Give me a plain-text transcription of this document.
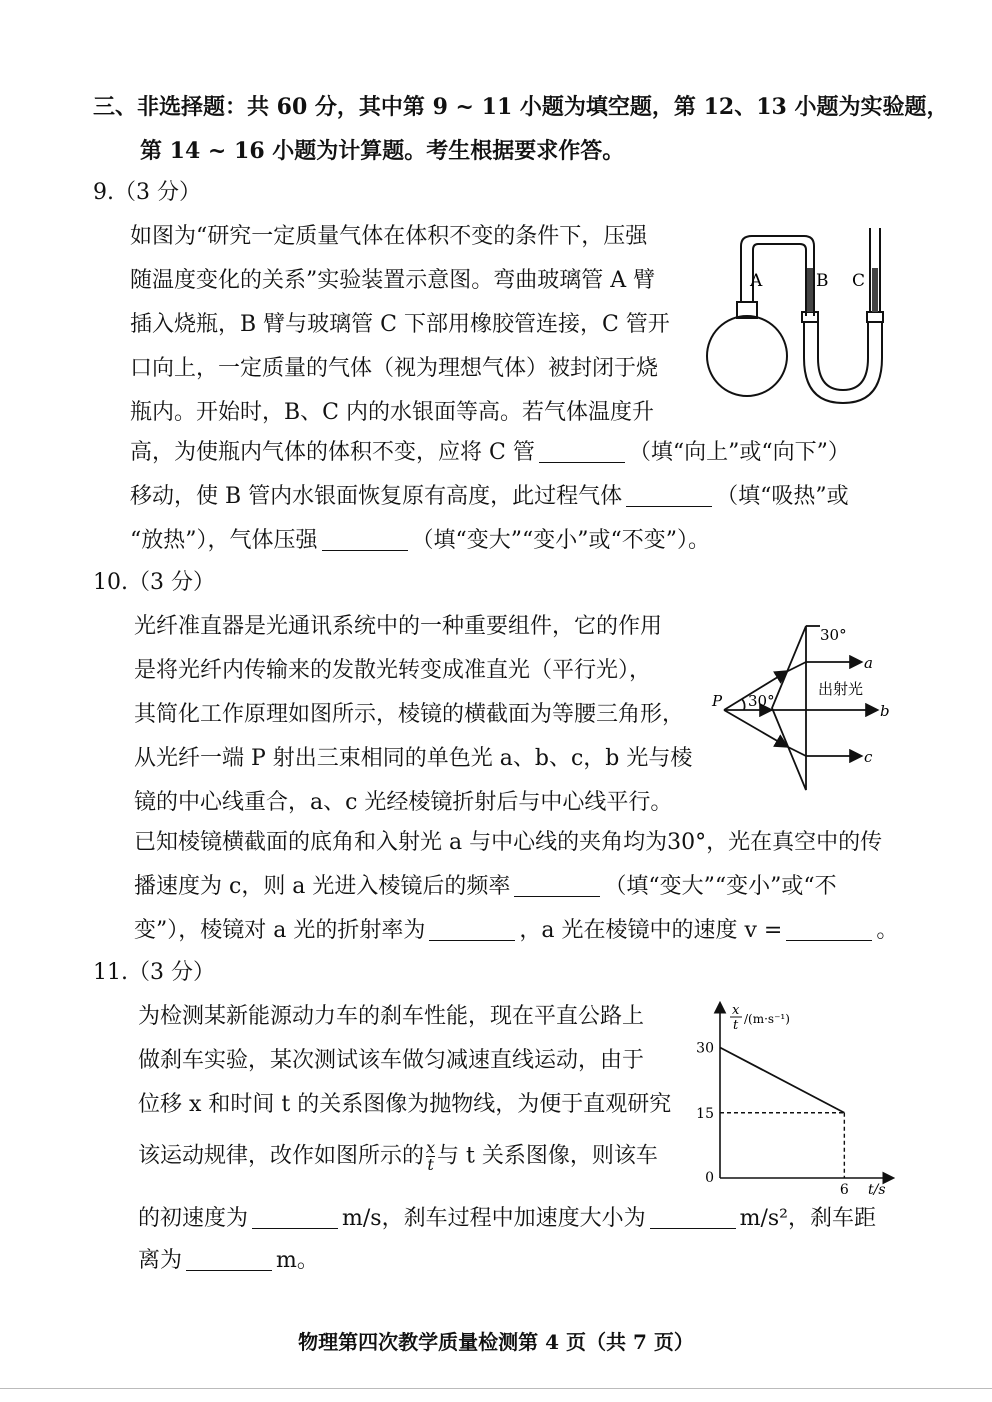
三、非选择题：共 60 分，其中第 9 ~ 11 小题为填空题，第 12、13 小题为实验题，
第 14 ~ 16 小题为计算题。考生根据要求作答。
9.（3 分）
如图为“研究一定质量气体在体积不变的条件下，压强
随温度变化的关系”实验装置示意图。弯曲玻璃管 A 臂
插入烧瓶，B 臂与玻璃管 C 下部用橡胶管连接，C 管开
口向上，一定质量的气体（视为理想气体）被封闭于烧
瓶内。开始时，B、C 内的水银面等高。若气体温度升
高，为使瓶内气体的体积不变，应将 C 管	（填“向上”或“向下”）
移动，使 B 管内水银面恢复原有高度，此过程气体	（填“吸热”或
“放热”），气体压强	（填“变大”“变小”或“不变”）。
A	B C
10.（3 分）
光纤准直器是光通讯系统中的一种重要组件，它的作用
是将光纤内传输来的发散光转变成准直光（平行光），
其简化工作原理如图所示，棱镜的横截面为等腰三角形，
从光纤一端 P 射出三束相同的单色光 a、b、c，b 光与棱
镜的中心线重合，a、c 光经棱镜折射后与中心线平行。
已知棱镜横截面的底角和入射光 a 与中心线的夹角均为30°，光在真空中的传
播速度为 c，则 a 光进入棱镜后的频率	（填“变大”“变小”或“不
变”），棱镜对 a 光的折射率为	，a 光在棱镜中的速度 v =	。
30°
30°
P
a
b
c
出射光
11.（3 分）
为检测某新能源动力车的刹车性能，现在平直公路上
做刹车实验，某次测试该车做匀减速直线运动，由于
位移 x 和时间 t 的关系图像为抛物线，为便于直观研究
该运动规律，改作如图所示的 $\frac{x}{t}$ 与 t 关系图像，则该车
的初速度为	m/s，刹车过程中加速度大小为	m/s²，刹车距
离为	m。
x
t /(m·s⁻¹)
t/s
30
15
0
6
物理第四次教学质量检测第 4 页（共 7 页）
